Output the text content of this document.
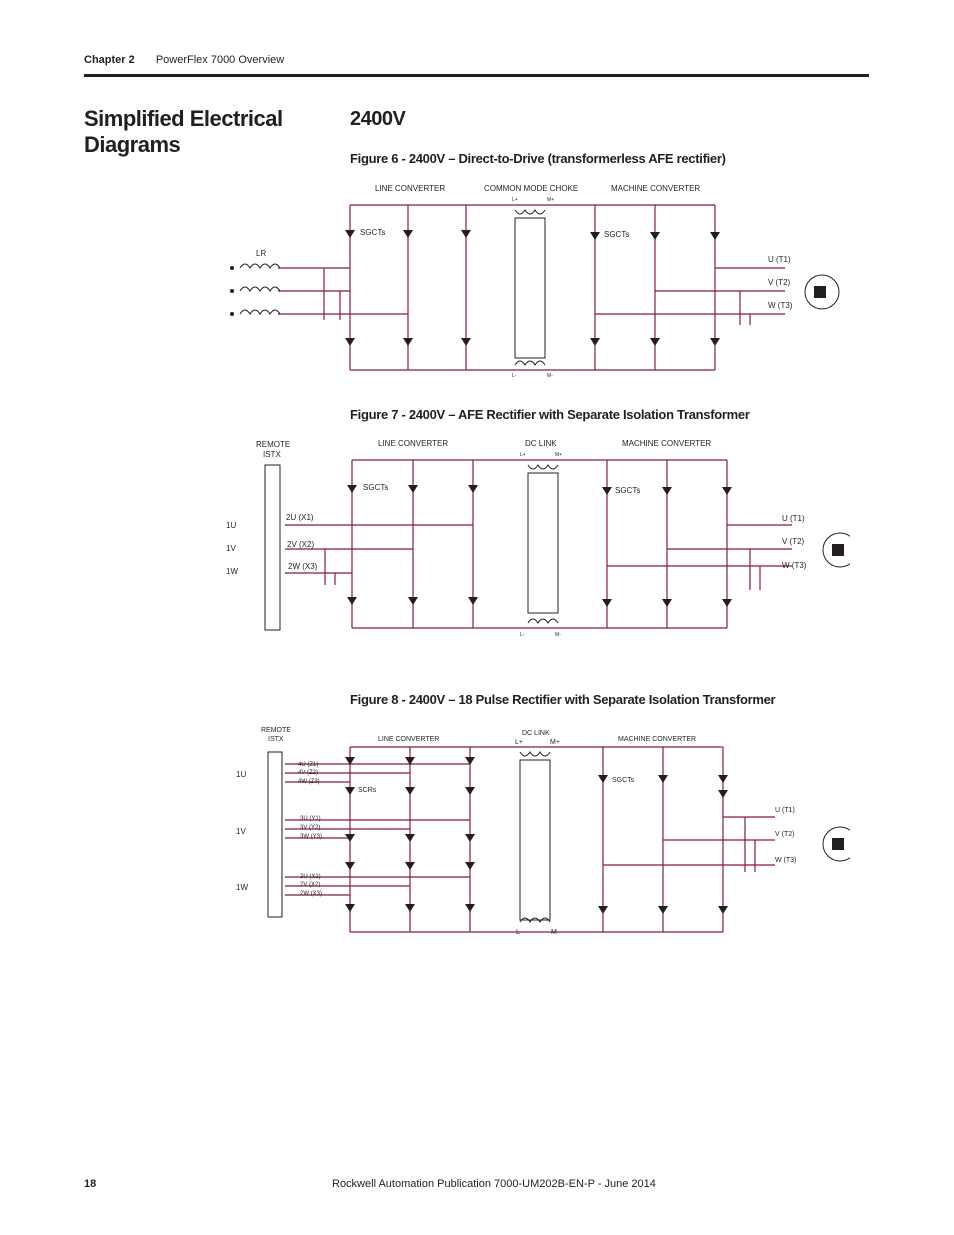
Chapter 2 PowerFlex 7000 Overview
Simplified Electrical Diagrams
2400V
Figure 6 - 2400V – Direct-to-Drive (transformerless AFE rectifier)
LINE CONVERTER	COMMON MODE CHOKE	MACHINE CONVERTER
SGCTs	SGCTs
LR
U (T1)
V (T2)
W (T3)
L+	M+
L-	M-
Figure 7 - 2400V – AFE Rectifier with Separate Isolation Transformer
REMOTE
ISTX
LINE CONVERTER	DC LINK	MACHINE CONVERTER
SGCTs	SGCTs
1U
1V
1W
2U (X1)
2V (X2)
2W (X3)
U (T1)
V (T2)
W (T3)
L+	M+
L-	M-
Figure 8 - 2400V – 18 Pulse Rectifier with Separate Isolation Transformer
REMOTE
ISTX	LINE CONVERTER
DC LINK
MACHINE CONVERTER
SCRs
SGCTs
1U
1V
1W
4U (Z1)
4V (Z2)
4W (Z3)
3U (Y1)
3V (Y2)
3W (Y3)
2U (X1)
2V (X2)
2W (X3)
U (T1)
V (T2)
W (T3)
L+	M+
L-	M-
18	Rockwell Automation Publication 7000-UM202B-EN-P - June 2014
